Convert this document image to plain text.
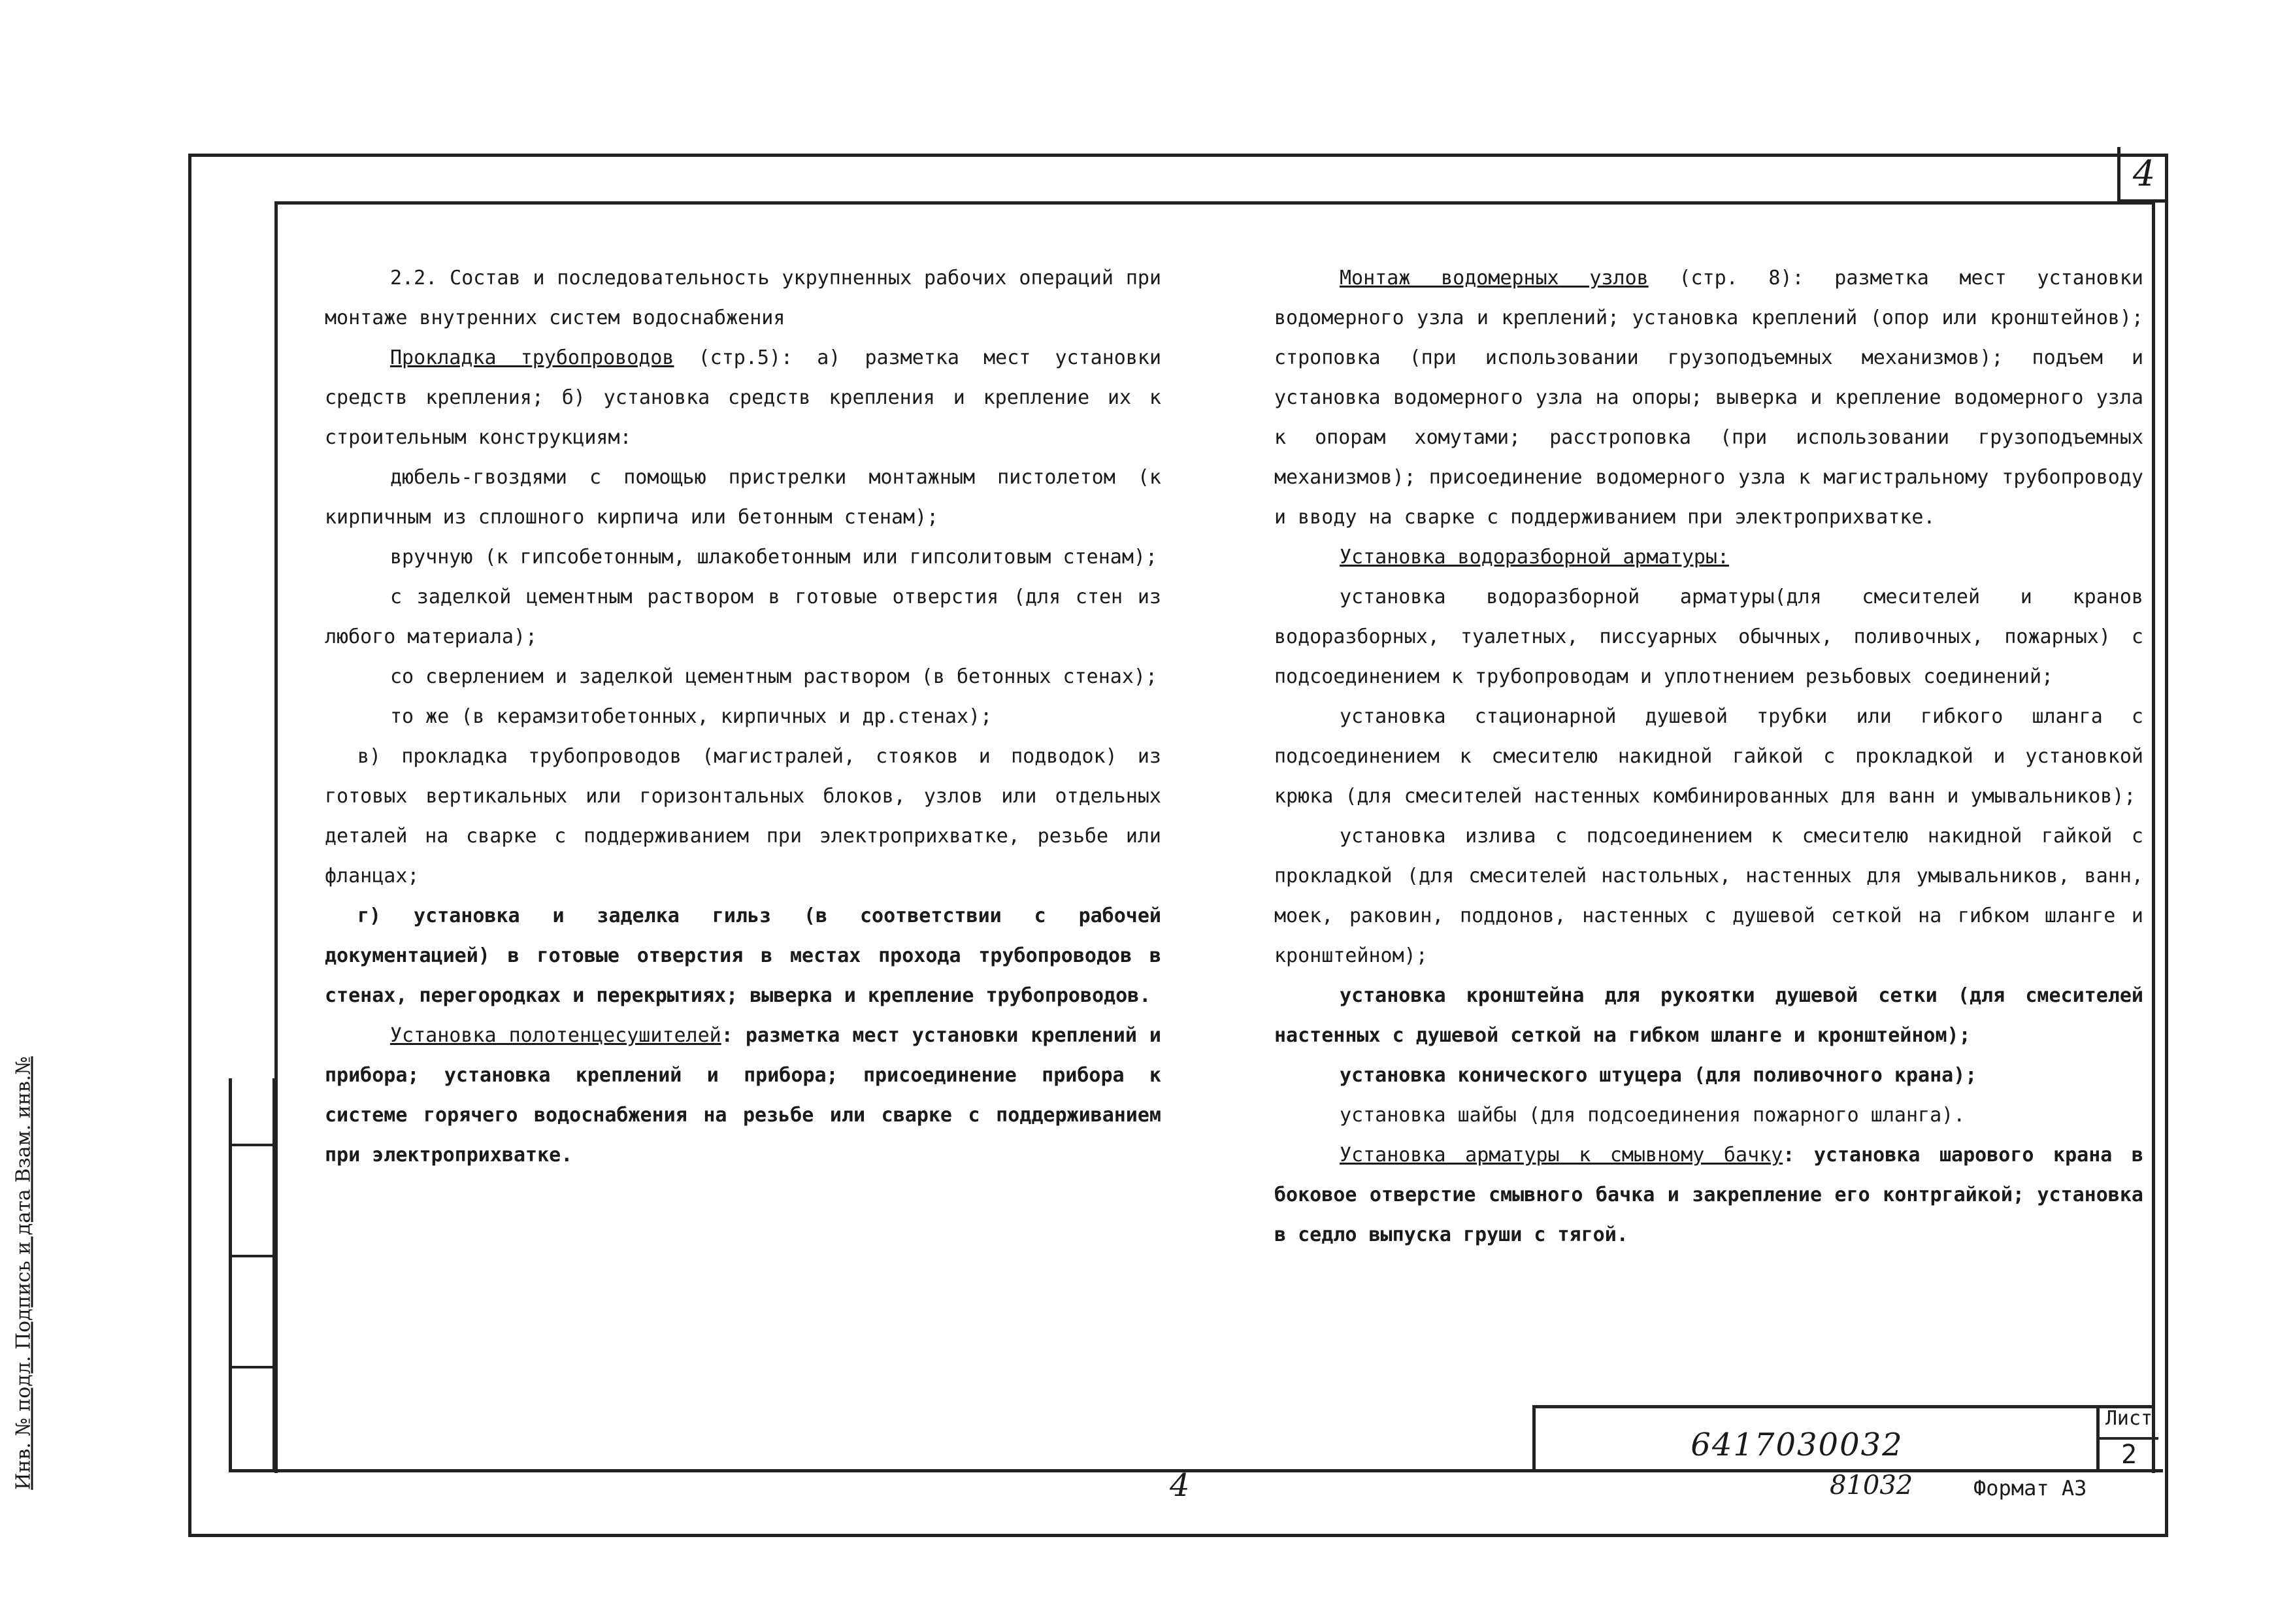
4
Инв. № подл. Подпись и дата Взам. инв.№

2.2. Состав и последовательность укрупненных рабочих операций при монтаже внутренних систем водоснабжения

Прокладка трубопроводов (стр.5): а) разметка мест установки средств крепления; б) установка средств крепления и крепление их к строительным конструкциям:

дюбель-гвоздями с помощью пристрелки монтажным пистолетом (к кирпичным из сплошного кирпича или бетонным стенам);

вручную (к гипсобетонным, шлакобетонным или гипсолитовым стенам);

с заделкой цементным раствором в готовые отверстия (для стен из любого материала);

со сверлением и заделкой цементным раствором (в бетонных стенах);

то же (в керамзитобетонных, кирпичных и др.стенах);

в) прокладка трубопроводов (магистралей, стояков и подводок) из готовых вертикальных или горизонтальных блоков, узлов или отдельных деталей на сварке с поддерживанием при электроприхватке, резьбе или фланцах;

г) установка и заделка гильз (в соответствии с рабочей документацией) в готовые отверстия в местах прохода трубопроводов в стенах, перегородках и перекрытиях; выверка и крепление трубопроводов.

Установка полотенцесушителей: разметка мест установки креплений и прибора; установка креплений и прибора; присоединение прибора к системе горячего водоснабжения на резьбе или сварке с поддерживанием при электроприхватке.

Монтаж водомерных узлов (стр. 8): разметка мест установки водомерного узла и креплений; установка креплений (опор или кронштейнов); строповка (при использовании грузоподъемных механизмов); подъем и установка водомерного узла на опоры; выверка и крепление водомерного узла к опорам хомутами; расстроповка (при использовании грузоподъемных механизмов); присоединение водомерного узла к магистральному трубопроводу и вводу на сварке с поддерживанием при электроприхватке.

Установка водоразборной арматуры:

установка водоразборной арматуры(для смесителей и кранов водоразборных, туалетных, писсуарных обычных, поливочных, пожарных) с подсоединением к трубопроводам и уплотнением резьбовых соединений;

установка стационарной душевой трубки или гибкого шланга с подсоединением к смесителю накидной гайкой с прокладкой и установкой крюка (для смесителей настенных комбинированных для ванн и умывальников);

установка излива с подсоединением к смесителю накидной гайкой с прокладкой (для смесителей настольных, настенных для умывальников, ванн, моек, раковин, поддонов, настенных с душевой сеткой на гибком шланге и кронштейном);

установка кронштейна для рукоятки душевой сетки (для смесителей настенных с душевой сеткой на гибком шланге и кронштейном);

установка конического штуцера (для поливочного крана);

установка шайбы (для подсоединения пожарного шланга).

Установка арматуры к смывному бачку: установка шарового крана в боковое отверстие смывного бачка и закрепление его контргайкой; установка в седло выпуска груши с тягой.

6417030032
Лист
2
4	81032	Формат А3
